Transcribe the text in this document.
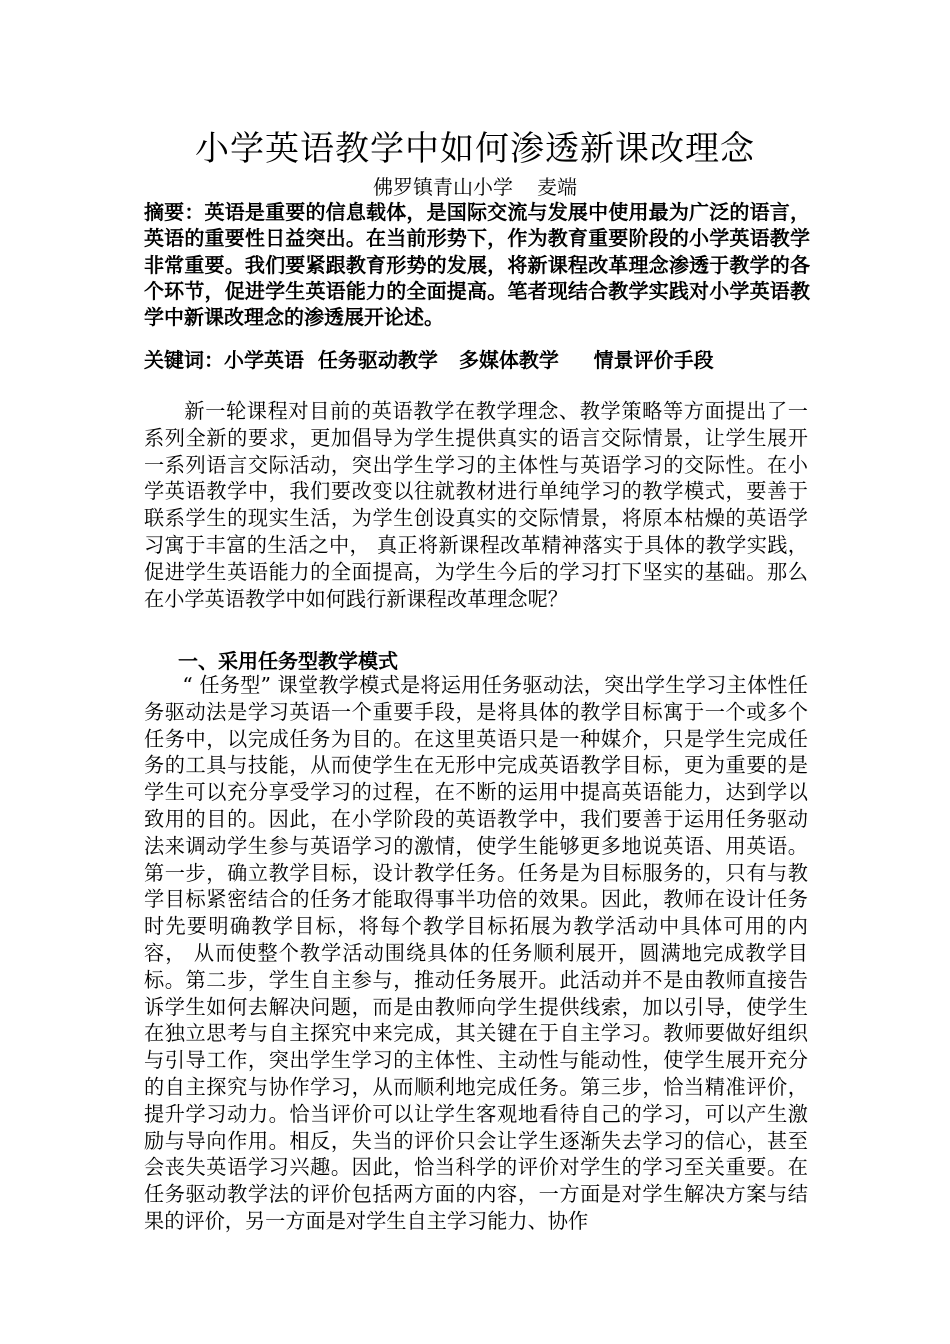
小学英语教学中如何渗透新课改理念
佛罗镇青山小学 麦端
摘要：英语是重要的信息载体，是国际交流与发展中使用最为广泛的语言，英语的重要性日益突出。在当前形势下，作为教育重要阶段的小学英语教学非常重要。我们要紧跟教育形势的发展，将新课程改革理念渗透于教学的各个环节，促进学生英语能力的全面提高。笔者现结合教学实践对小学英语教学中新课改理念的渗透展开论述。
关键词：小学英语  任务驱动教学   多媒体教学     情景评价手段
新一轮课程对目前的英语教学在教学理念、教学策略等方面提出了一系列全新的要求，更加倡导为学生提供真实的语言交际情景，让学生展开一系列语言交际活动，突出学生学习的主体性与英语学习的交际性。在小学英语教学中，我们要改变以往就教材进行单纯学习的教学模式，要善于联系学生的现实生活，为学生创设真实的交际情景，将原本枯燥的英语学习寓于丰富的生活之中， 真正将新课程改革精神落实于具体的教学实践，促进学生英语能力的全面提高，为学生今后的学习打下坚实的基础。那么在小学英语教学中如何践行新课程改革理念呢？
一、采用任务型教学模式
“ 任务型” 课堂教学模式是将运用任务驱动法，突出学生学习主体性任务驱动法是学习英语一个重要手段，是将具体的教学目标寓于一个或多个任务中，以完成任务为目的。在这里英语只是一种媒介，只是学生完成任务的工具与技能，从而使学生在无形中完成英语教学目标，更为重要的是学生可以充分享受学习的过程，在不断的运用中提高英语能力，达到学以致用的目的。因此，在小学阶段的英语教学中，我们要善于运用任务驱动法来调动学生参与英语学习的激情，使学生能够更多地说英语、用英语。第一步，确立教学目标，设计教学任务。任务是为目标服务的，只有与教学目标紧密结合的任务才能取得事半功倍的效果。因此，教师在设计任务时先要明确教学目标，将每个教学目标拓展为教学活动中具体可用的内容， 从而使整个教学活动围绕具体的任务顺利展开，圆满地完成教学目标。第二步，学生自主参与，推动任务展开。此活动并不是由教师直接告诉学生如何去解决问题，而是由教师向学生提供线索，加以引导，使学生在独立思考与自主探究中来完成，其关键在于自主学习。教师要做好组织与引导工作，突出学生学习的主体性、主动性与能动性，使学生展开充分的自主探究与协作学习，从而顺利地完成任务。第三步，恰当精准评价，提升学习动力。恰当评价可以让学生客观地看待自己的学习，可以产生激励与导向作用。相反，失当的评价只会让学生逐渐失去学习的信心，甚至会丧失英语学习兴趣。因此，恰当科学的评价对学生的学习至关重要。在任务驱动教学法的评价包括两方面的内容，一方面是对学生解决方案与结果的评价，另一方面是对学生自主学习能力、协作
